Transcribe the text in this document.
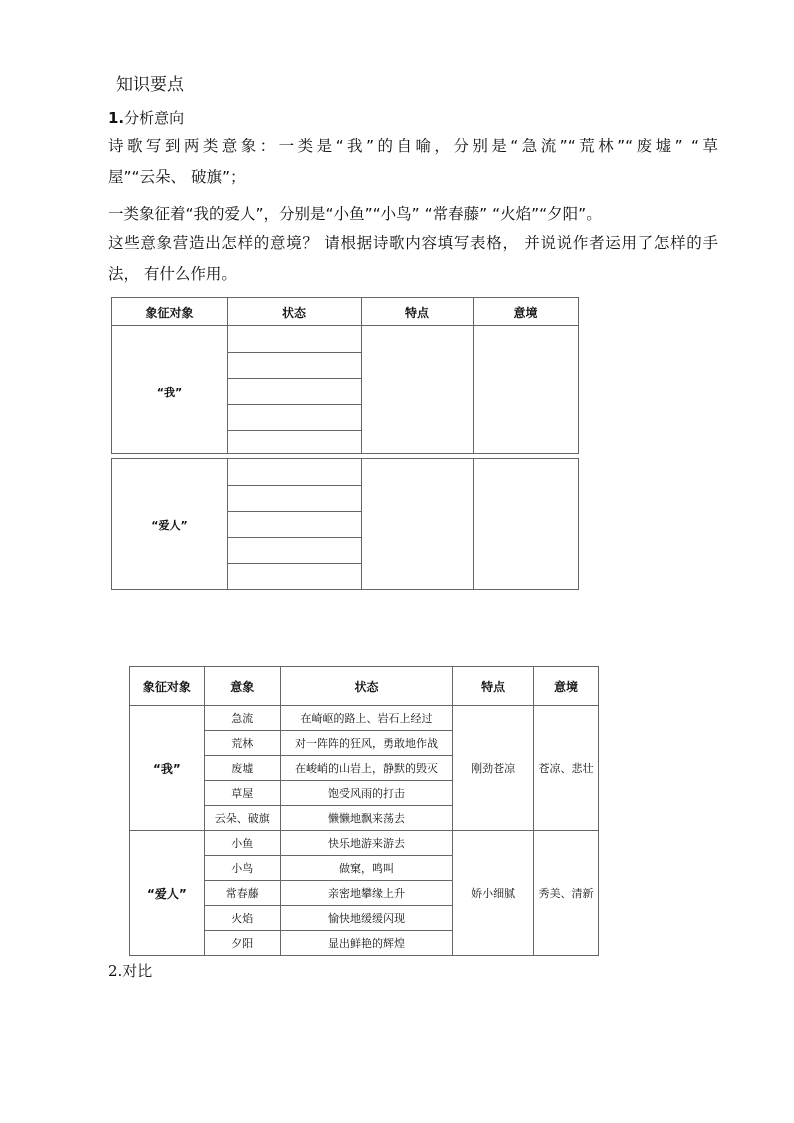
知识要点
1.分析意向
诗歌写到两类意象：一类是“我”的自喻，分别是“急流”“荒林”“废墟” “草
屋”“云朵、 破旗”；
一类象征着“我的爱人”，分别是“小鱼”“小鸟” “常春藤” “火焰”“夕阳”。
这些意象营造出怎样的意境？ 请根据诗歌内容填写表格， 并说说作者运用了怎样的手
法， 有什么作用。
象征对象	状态	特点	意境
“我”
“爱人”
象征对象	意象	状态	特点	意境
“我”	急流	在崎岖的路上、岩石上经过	刚劲苍凉	苍凉、悲壮
	荒林	对一阵阵的狂风，勇敢地作战		
	废墟	在峻峭的山岩上，静默的毁灭		
	草屋	饱受风雨的打击		
	云朵、破旗	懒懒地飘来荡去		
“爱人”	小鱼	快乐地游来游去	娇小细腻	秀美、清新
	小鸟	做窠，鸣叫		
	常春藤	亲密地攀缘上升		
	火焰	愉快地缓缓闪现		
	夕阳	显出鲜艳的辉煌		
2.对比
